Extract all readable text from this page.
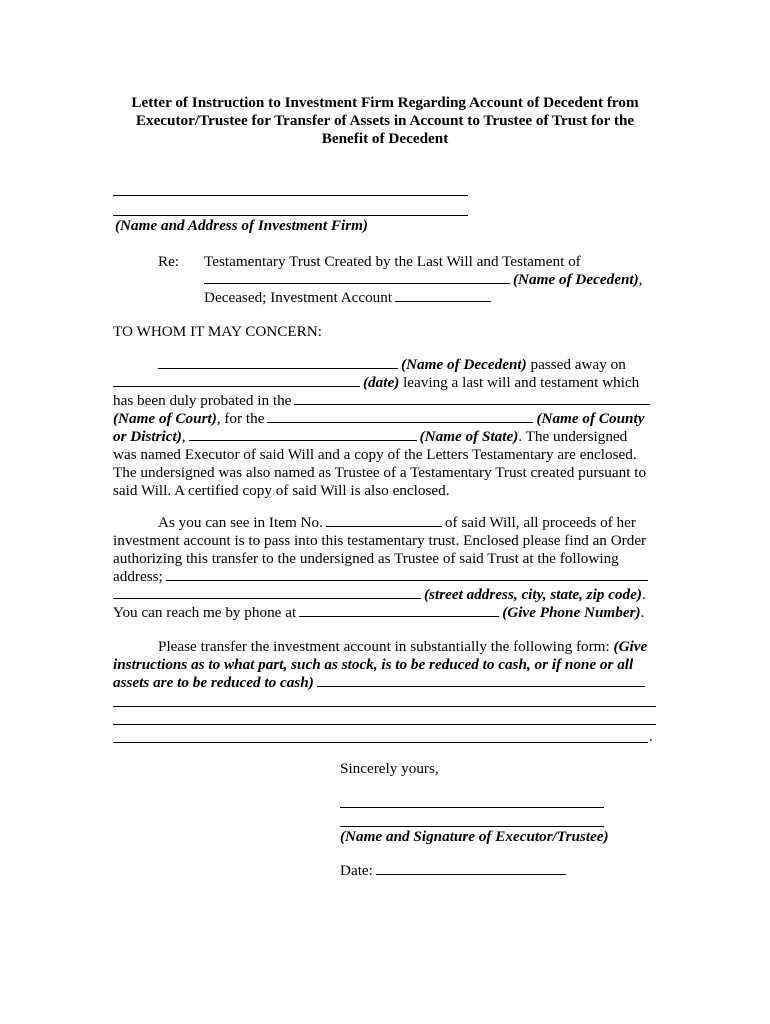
Letter of Instruction to Investment Firm Regarding Account of Decedent from
Executor/Trustee for Transfer of Assets in Account to Trustee of Trust for the
Benefit of Decedent
(Name and Address of Investment Firm)
Re: Testamentary Trust Created by the Last Will and Testament of
(Name of Decedent),
Deceased; Investment Account
TO WHOM IT MAY CONCERN:
(Name of Decedent) passed away on
(date) leaving a last will and testament which
has been duly probated in the
(Name of Court), for the	(Name of County
or District),	(Name of State). The undersigned
was named Executor of said Will and a copy of the Letters Testamentary are enclosed.
The undersigned was also named as Trustee of a Testamentary Trust created pursuant to
said Will. A certified copy of said Will is also enclosed.
As you can see in Item No.	of said Will, all proceeds of her
investment account is to pass into this testamentary trust. Enclosed please find an Order
authorizing this transfer to the undersigned as Trustee of said Trust at the following
address;
(street address, city, state, zip code).
You can reach me by phone at	(Give Phone Number).
Please transfer the investment account in substantially the following form: (Give
instructions as to what part, such as stock, is to be reduced to cash, or if none or all
assets are to be reduced to cash)
.
Sincerely yours,
(Name and Signature of Executor/Trustee)
Date:
